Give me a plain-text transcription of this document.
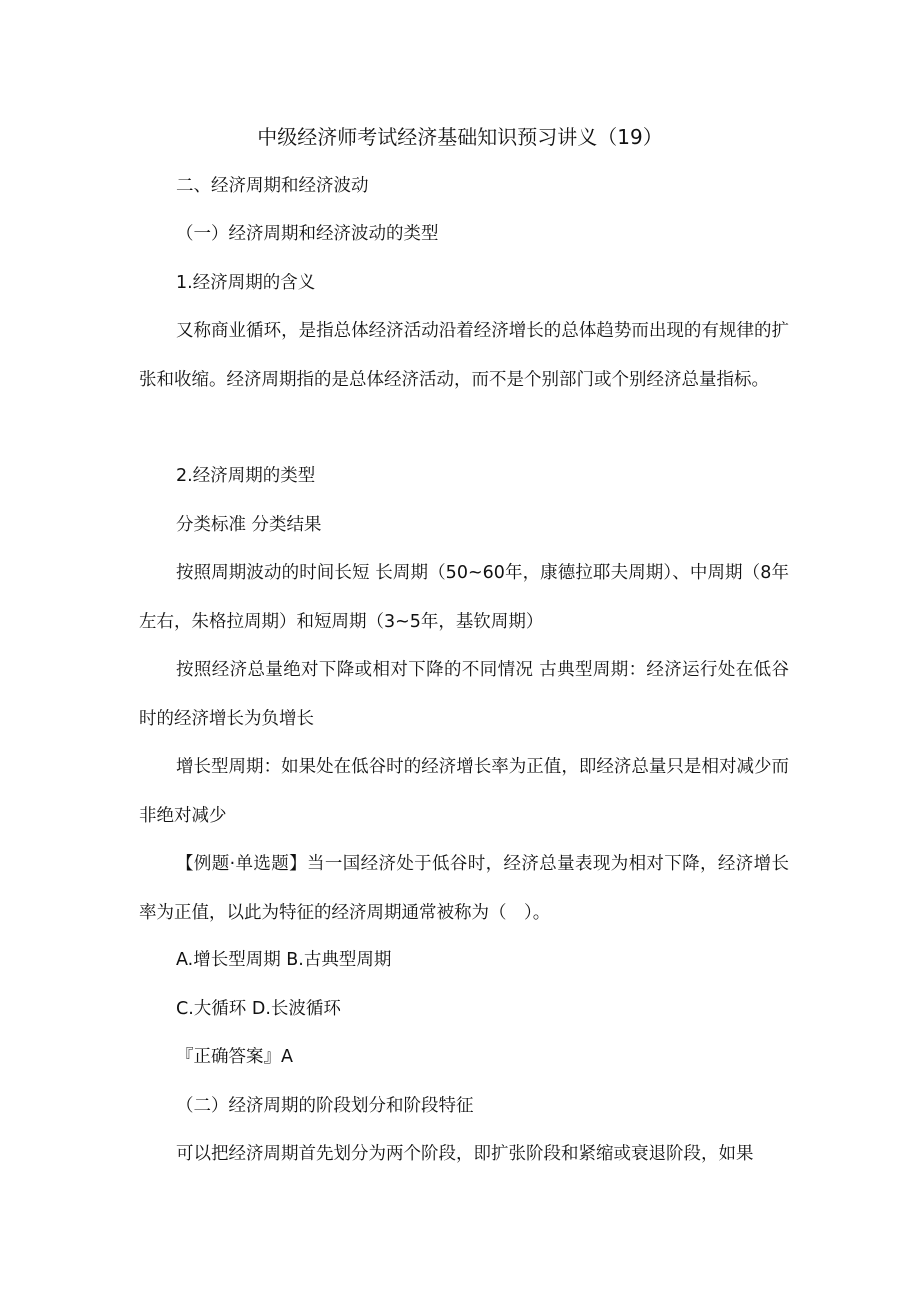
中级经济师考试经济基础知识预习讲义（19）

二、经济周期和经济波动

（一）经济周期和经济波动的类型

1.经济周期的含义

又称商业循环，是指总体经济活动沿着经济增长的总体趋势而出现的有规律的扩张和收缩。经济周期指的是总体经济活动，而不是个别部门或个别经济总量指标。

2.经济周期的类型

分类标准 分类结果

按照周期波动的时间长短 长周期（50~60年，康德拉耶夫周期）、中周期（8年左右，朱格拉周期）和短周期（3~5年，基钦周期）

按照经济总量绝对下降或相对下降的不同情况 古典型周期：经济运行处在低谷时的经济增长为负增长

增长型周期：如果处在低谷时的经济增长率为正值，即经济总量只是相对减少而非绝对减少

【例题·单选题】当一国经济处于低谷时，经济总量表现为相对下降，经济增长率为正值，以此为特征的经济周期通常被称为（　）。

A.增长型周期 B.古典型周期

C.大循环 D.长波循环

『正确答案』A

（二）经济周期的阶段划分和阶段特征

可以把经济周期首先划分为两个阶段，即扩张阶段和紧缩或衰退阶段，如果
